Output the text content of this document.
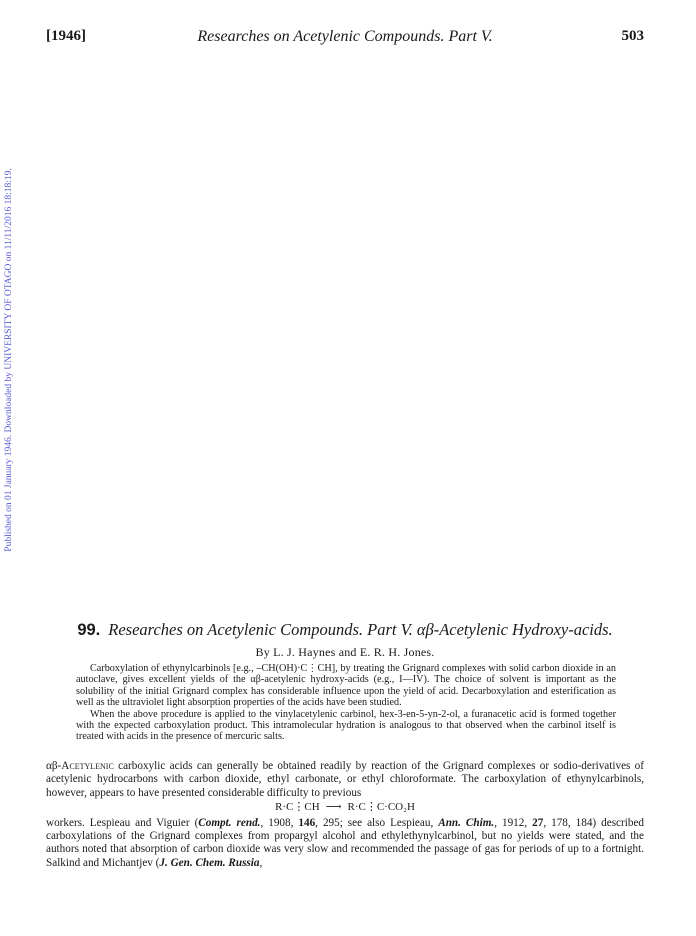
[1946]	Researches on Acetylenic Compounds. Part V.	503
Published on 01 January 1946. Downloaded by UNIVERSITY OF OTAGO on 11/11/2016 18:18:19.
99. Researches on Acetylenic Compounds. Part V. αβ-Acetylenic Hydroxy-acids.
By L. J. Haynes and E. R. H. Jones.

Carboxylation of ethynylcarbinols [e.g., –CH(OH)·C⋮CH], by treating the Grignard complexes with solid carbon dioxide in an autoclave, gives excellent yields of the αβ-acetylenic hydroxy-acids (e.g., I—IV). The choice of solvent is important as the solubility of the initial Grignard complex has considerable influence upon the yield of acid. Decarboxylation and esterification as well as the ultraviolet light absorption properties of the acids have been studied.

When the above procedure is applied to the vinylacetylenic carbinol, hex-3-en-5-yn-2-ol, a furanacetic acid is formed together with the expected carboxylation product. This intramolecular hydration is analogous to that observed when the carbinol itself is treated with acids in the presence of mercuric salts.

αβ-Acetylenic carboxylic acids can generally be obtained readily by reaction of the Grignard complexes or sodio-derivatives of acetylenic hydrocarbons with carbon dioxide, ethyl carbonate, or ethyl chloroformate. The carboxylation of ethynylcarbinols, however, appears to have presented considerable difficulty to previous

R·C⋮CH ⟶ R·C⋮C·CO₂H

workers. Lespieau and Viguier (Compt. rend., 1908, 146, 295; see also Lespieau, Ann. Chim., 1912, 27, 178, 184) described carboxylations of the Grignard complexes from propargyl alcohol and ethylethynylcarbinol, but no yields were stated, and the authors noted that absorption of carbon dioxide was very slow and recommended the passage of gas for periods of up to a fortnight. Salkind and Michantjev (J. Gen. Chem. Russia,
